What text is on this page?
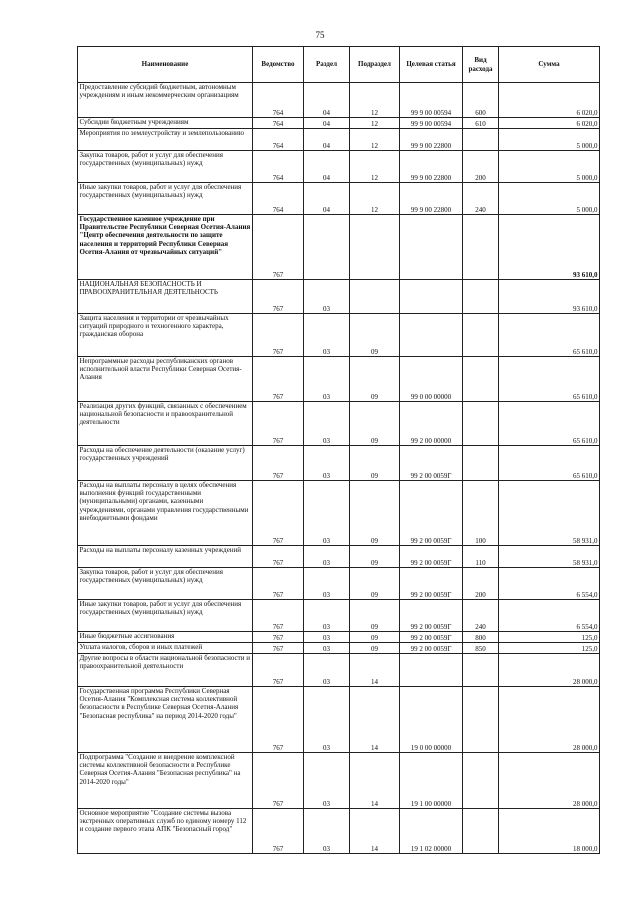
75
Наименование	Ведомство	Раздел	Подраздел	Целевая статья	Вид расхода	Сумма
Предоставление субсидий бюджетным, автономным учреждениям и иным некоммерческим организациям	764	04	12	99 9 00 00594	600	6 020,0
Субсидии бюджетным учреждениям	764	04	12	99 9 00 00594	610	6 020,0
Мероприятия по землеустройству и землепользованию	764	04	12	99 9 00 22800		5 000,0
Закупка товаров, работ и услуг для обеспечения государственных (муниципальных) нужд	764	04	12	99 9 00 22800	200	5 000,0
Иные закупки товаров, работ и услуг для обеспечения государственных (муниципальных) нужд	764	04	12	99 9 00 22800	240	5 000,0
Государственное казенное учреждение при Правительстве Республики Северная Осетия-Алания "Центр обеспечения деятельности по защите населения и территорий Республики Северная Осетия-Алания от чрезвычайных ситуаций"	767					93 610,0
НАЦИОНАЛЬНАЯ БЕЗОПАСНОСТЬ И ПРАВООХРАНИТЕЛЬНАЯ ДЕЯТЕЛЬНОСТЬ	767	03				93 610,0
Защита населения и территории от чрезвычайных ситуаций природного и техногенного характера, гражданская оборона	767	03	09			65 610,0
Непрограммные расходы республиканских органов исполнительной власти Республики Северная Осетия-Алания	767	03	09	99 0 00 00000		65 610,0
Реализация других функций, связанных с обеспечением национальной безопасности и правоохранительной деятельности	767	03	09	99 2 00 00000		65 610,0
Расходы на обеспечение деятельности (оказание услуг) государственных учреждений	767	03	09	99 2 00 0059Г		65 610,0
Расходы на выплаты персоналу в целях обеспечения выполнения функций государственными (муниципальными) органами, казенными учреждениями, органами управления государственными внебюджетными фондами	767	03	09	99 2 00 0059Г	100	58 931,0
Расходы на выплаты персоналу казенных учреждений	767	03	09	99 2 00 0059Г	110	58 931,0
Закупка товаров, работ и услуг для обеспечения государственных (муниципальных) нужд	767	03	09	99 2 00 0059Г	200	6 554,0
Иные закупки товаров, работ и услуг для обеспечения государственных (муниципальных) нужд	767	03	09	99 2 00 0059Г	240	6 554,0
Иные бюджетные ассигнования	767	03	09	99 2 00 0059Г	800	125,0
Уплата налогов, сборов и иных платежей	767	03	09	99 2 00 0059Г	850	125,0
Другие вопросы в области национальной безопасности и правоохранительной деятельности	767	03	14			28 000,0
Государственная программа Республики Северная Осетия-Алания "Комплексная система коллективной безопасности в Республике Северная Осетия-Алания "Безопасная республика" на период 2014-2020 годы"	767	03	14	19 0 00 00000		28 000,0
Подпрограмма "Создание и внедрение комплексной системы коллективной безопасности в Республике Северная Осетия-Алания "Безопасная республика" на 2014-2020 годы"	767	03	14	19 1 00 00000		28 000,0
Основное мероприятие "Создание системы вызова экстренных оперативных служб по единому номеру 112 и создание первого этапа АПК "Безопасный город"	767	03	14	19 1 02 00000		18 000,0
